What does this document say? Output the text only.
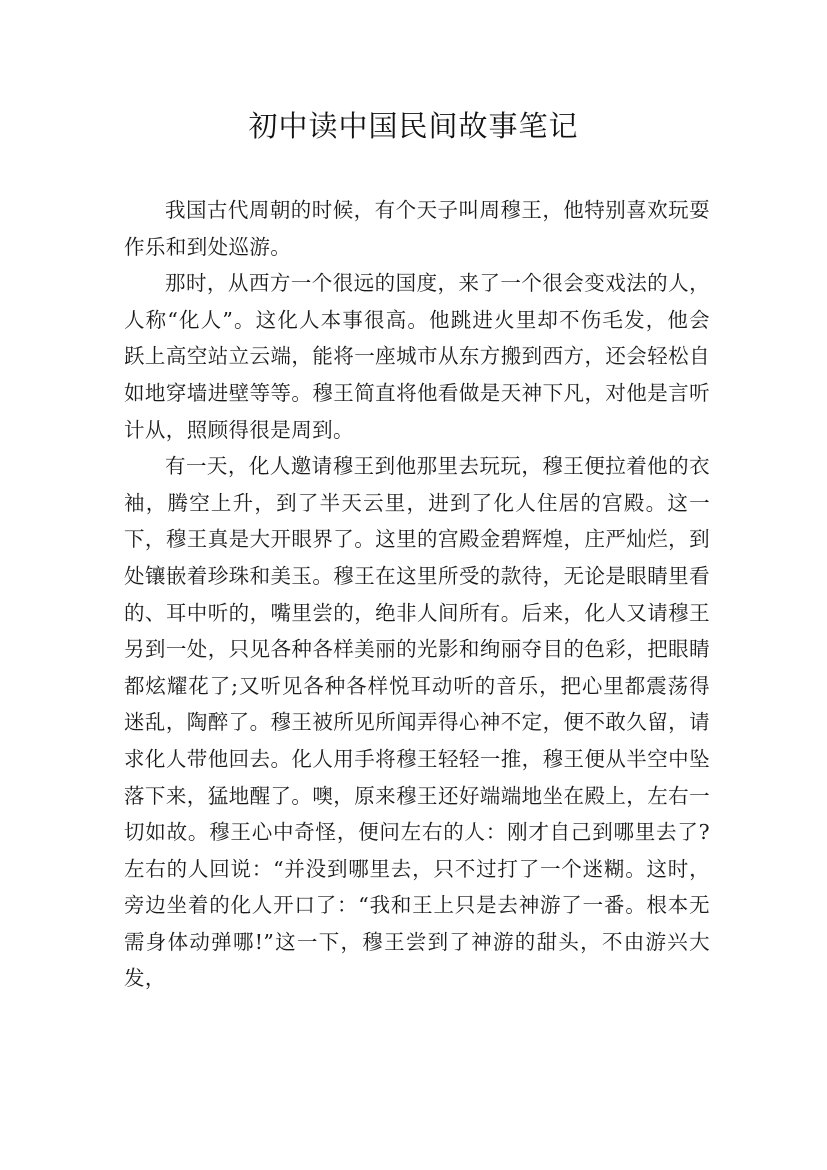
初中读中国民间故事笔记

我国古代周朝的时候，有个天子叫周穆王，他特别喜欢玩耍作乐和到处巡游。

那时，从西方一个很远的国度，来了一个很会变戏法的人，人称“化人”。这化人本事很高。他跳进火里却不伤毛发，他会跃上高空站立云端，能将一座城市从东方搬到西方，还会轻松自如地穿墙进壁等等。穆王简直将他看做是天神下凡，对他是言听计从，照顾得很是周到。

有一天，化人邀请穆王到他那里去玩玩，穆王便拉着他的衣袖，腾空上升，到了半天云里，进到了化人住居的宫殿。这一下，穆王真是大开眼界了。这里的宫殿金碧辉煌，庄严灿烂，到处镶嵌着珍珠和美玉。穆王在这里所受的款待，无论是眼睛里看的、耳中听的，嘴里尝的，绝非人间所有。后来，化人又请穆王另到一处，只见各种各样美丽的光影和绚丽夺目的色彩，把眼睛都炫耀花了;又听见各种各样悦耳动听的音乐，把心里都震荡得迷乱，陶醉了。穆王被所见所闻弄得心神不定，便不敢久留，请求化人带他回去。化人用手将穆王轻轻一推，穆王便从半空中坠落下来，猛地醒了。噢，原来穆王还好端端地坐在殿上，左右一切如故。穆王心中奇怪，便问左右的人：刚才自己到哪里去了?左右的人回说：“并没到哪里去，只不过打了一个迷糊。这时，旁边坐着的化人开口了：“我和王上只是去神游了一番。根本无需身体动弹哪!”这一下，穆王尝到了神游的甜头，不由游兴大发，
